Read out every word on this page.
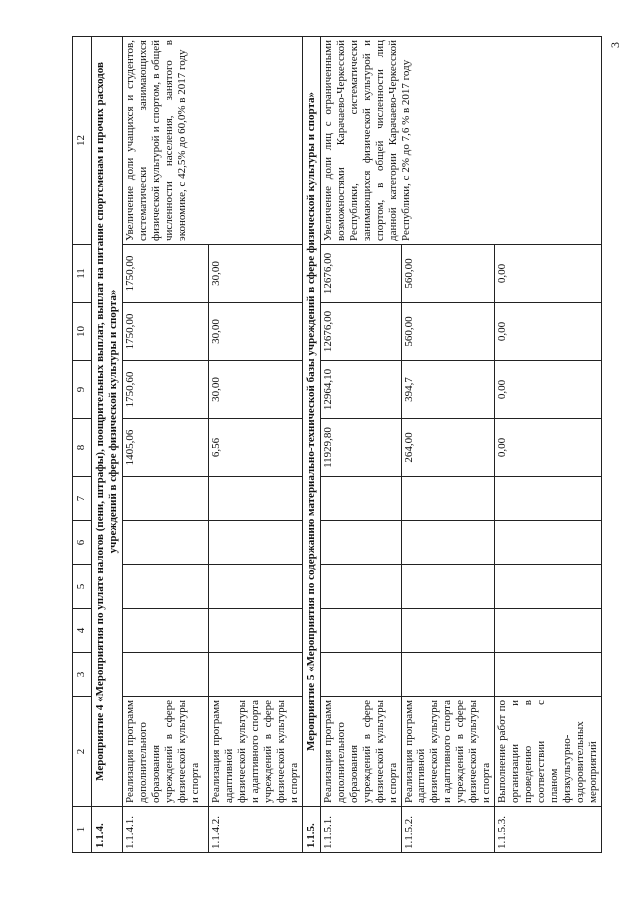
3
1	2	3	4	5	6	7	8	9	10	11	12
1.1.4.	Мероприятие 4 «Мероприятия по уплате налогов (пени, штрафы), поощрительных выплат, выплат на питание спортсменам и прочих расходов учреждений в сфере физической культуры и спорта»										
1.1.4.1.	Реализация программ дополнительного образования учреждений в сфере физической культуры и спорта						1405,06	1750,60	1750,00	1750,00	Увеличение доли учащихся и студентов, систематически занимающихся физической культурой и спортом, в общей численности населения, занятого в экономике, с 42,5% до 60,0% в 2017 году
1.1.4.2.	Реализация программ адаптивной физической культуры и адаптивного спорта учреждений в сфере физической культуры и спорта						6,56	30,00	30,00	30,00	
1.1.5.	Мероприятие 5 «Мероприятия по содержанию материально-технической базы учреждений в сфере физической культуры и спорта»										
1.1.5.1.	Реализация программ дополнительного образования учреждений в сфере физической культуры и спорта						11929,80	12964,10	12676,00	12676,00	Увеличение доли лиц с ограниченными возможностями Карачаево-Черкесской Республики, систематически занимающихся физической культурой и спортом, в общей численности лиц данной категории Карачаево-Черкесской Республики, с 2% до 7,6 % в 2017 году
1.1.5.2.	Реализация программ адаптивной физической культуры и адаптивного спорта учреждений в сфере физической культуры и спорта						264,00	394,7	560,00	560,00	
1.1.5.3.	Выполнение работ по организации и проведению в соответствии с планом физкультурно-оздоровительных мероприятий						0,00	0,00	0,00	0,00	
